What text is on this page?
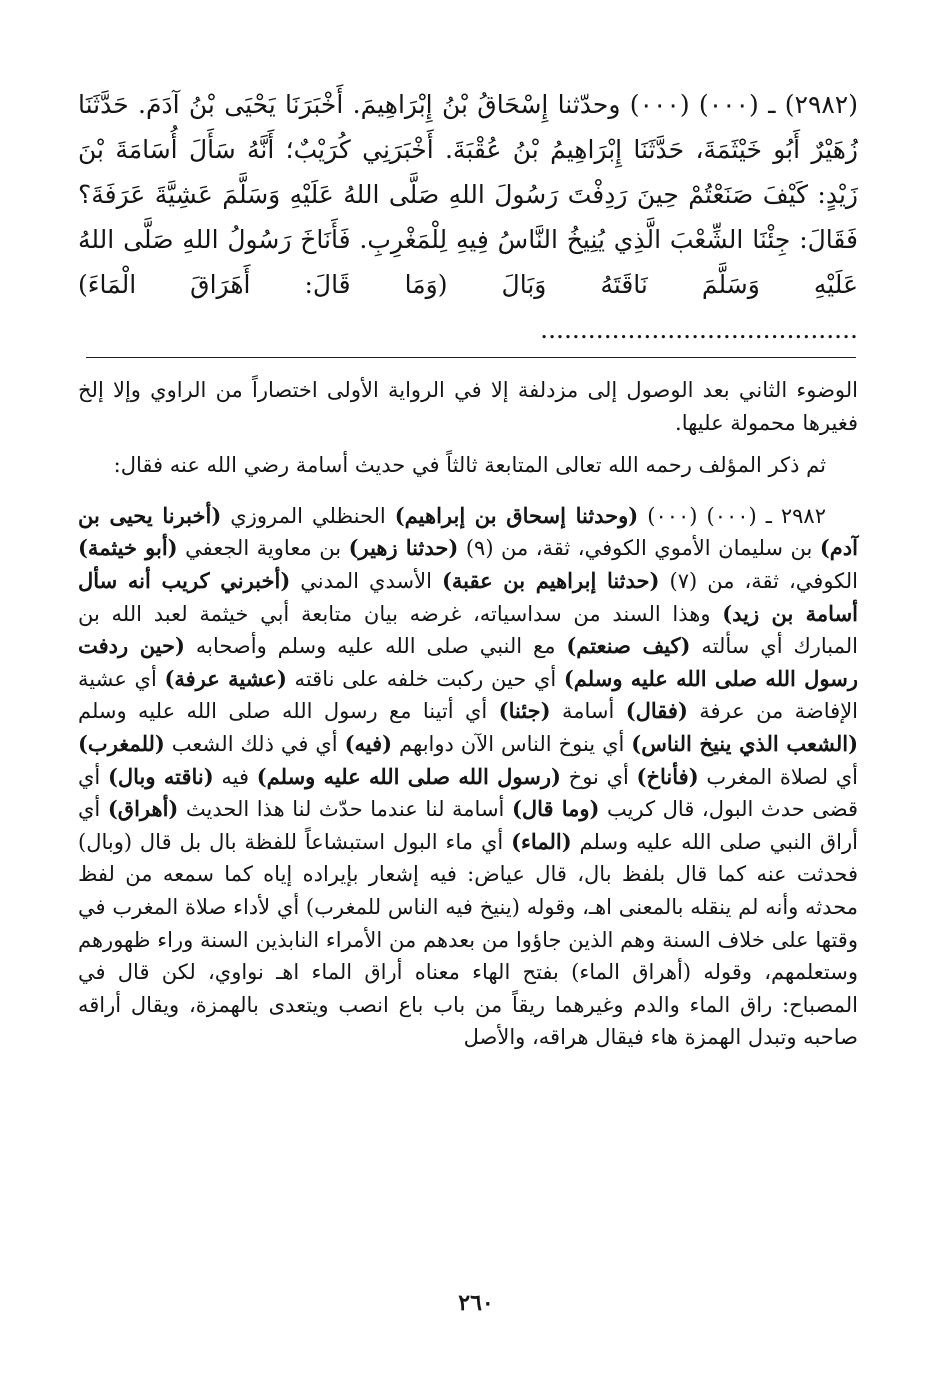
(٢٩٨٢) ـ (٠٠٠) (٠٠٠) وحدّثنا إِسْحَاقُ بْنُ إِبْرَاهِيمَ. أَخْبَرَنَا يَحْيَى بْنُ آدَمَ. حَدَّثَنَا زُهَيْرٌ أَبُو خَيْثَمَةَ، حَدَّثَنَا إِبْرَاهِيمُ بْنُ عُقْبَةَ. أَخْبَرَنِي كُرَيْبٌ؛ أَنَّهُ سَأَلَ أُسَامَةَ بْنَ زَيْدٍ: كَيْفَ صَنَعْتُمْ حِينَ رَدِفْتَ رَسُولَ اللهِ صَلَّى اللهُ عَلَيْهِ وَسَلَّمَ عَشِيَّةَ عَرَفَةَ؟ فَقَالَ: جِئْنَا الشِّعْبَ الَّذِي يُنِيخُ النَّاسُ فِيهِ لِلْمَغْرِبِ. فَأَنَاخَ رَسُولُ اللهِ صَلَّى اللهُ عَلَيْهِ وَسَلَّمَ نَاقَتَهُ وَبَالَ (وَمَا قَالَ: أَهَرَاقَ الْمَاءَ) ........................................

الوضوء الثاني بعد الوصول إلى مزدلفة إلا في الرواية الأولى اختصاراً من الراوي وإلا إلخ فغيرها محمولة عليها.

ثم ذكر المؤلف رحمه الله تعالى المتابعة ثالثاً في حديث أسامة رضي الله عنه فقال:

٢٩٨٢ ـ (٠٠٠) (٠٠٠) (وحدثنا إسحاق بن إبراهيم) الحنظلي المروزي (أخبرنا يحيى بن آدم) بن سليمان الأموي الكوفي، ثقة، من (٩) (حدثنا زهير) بن معاوية الجعفي (أبو خيثمة) الكوفي، ثقة، من (٧) (حدثنا إبراهيم بن عقبة) الأسدي المدني (أخبرني كريب أنه سأل أسامة بن زيد) وهذا السند من سداسياته، غرضه بيان متابعة أبي خيثمة لعبد الله بن المبارك أي سألته (كيف صنعتم) مع النبي صلى الله عليه وسلم وأصحابه (حين ردفت رسول الله صلى الله عليه وسلم) أي حين ركبت خلفه على ناقته (عشية عرفة) أي عشية الإفاضة من عرفة (فقال) أسامة (جئنا) أي أتينا مع رسول الله صلى الله عليه وسلم (الشعب الذي ينيخ الناس) أي ينوخ الناس الآن دوابهم (فيه) أي في ذلك الشعب (للمغرب) أي لصلاة المغرب (فأناخ) أي نوخ (رسول الله صلى الله عليه وسلم) فيه (ناقته وبال) أي قضى حدث البول، قال كريب (وما قال) أسامة لنا عندما حدّث لنا هذا الحديث (أهراق) أي أراق النبي صلى الله عليه وسلم (الماء) أي ماء البول استبشاعاً للفظة بال بل قال (وبال) فحدثت عنه كما قال بلفظ بال، قال عياض: فيه إشعار بإيراده إياه كما سمعه من لفظ محدثه وأنه لم ينقله بالمعنى اهـ، وقوله (ينيخ فيه الناس للمغرب) أي لأداء صلاة المغرب في وقتها على خلاف السنة وهم الذين جاؤوا من بعدهم من الأمراء النابذين السنة وراء ظهورهم وستعلمهم، وقوله (أهراق الماء) بفتح الهاء معناه أراق الماء اهـ نواوي، لكن قال في المصباح: راق الماء والدم وغيرهما ريقاً من باب باع انصب ويتعدى بالهمزة، ويقال أراقه صاحبه وتبدل الهمزة هاء فيقال هراقه، والأصل

٢٦٠
